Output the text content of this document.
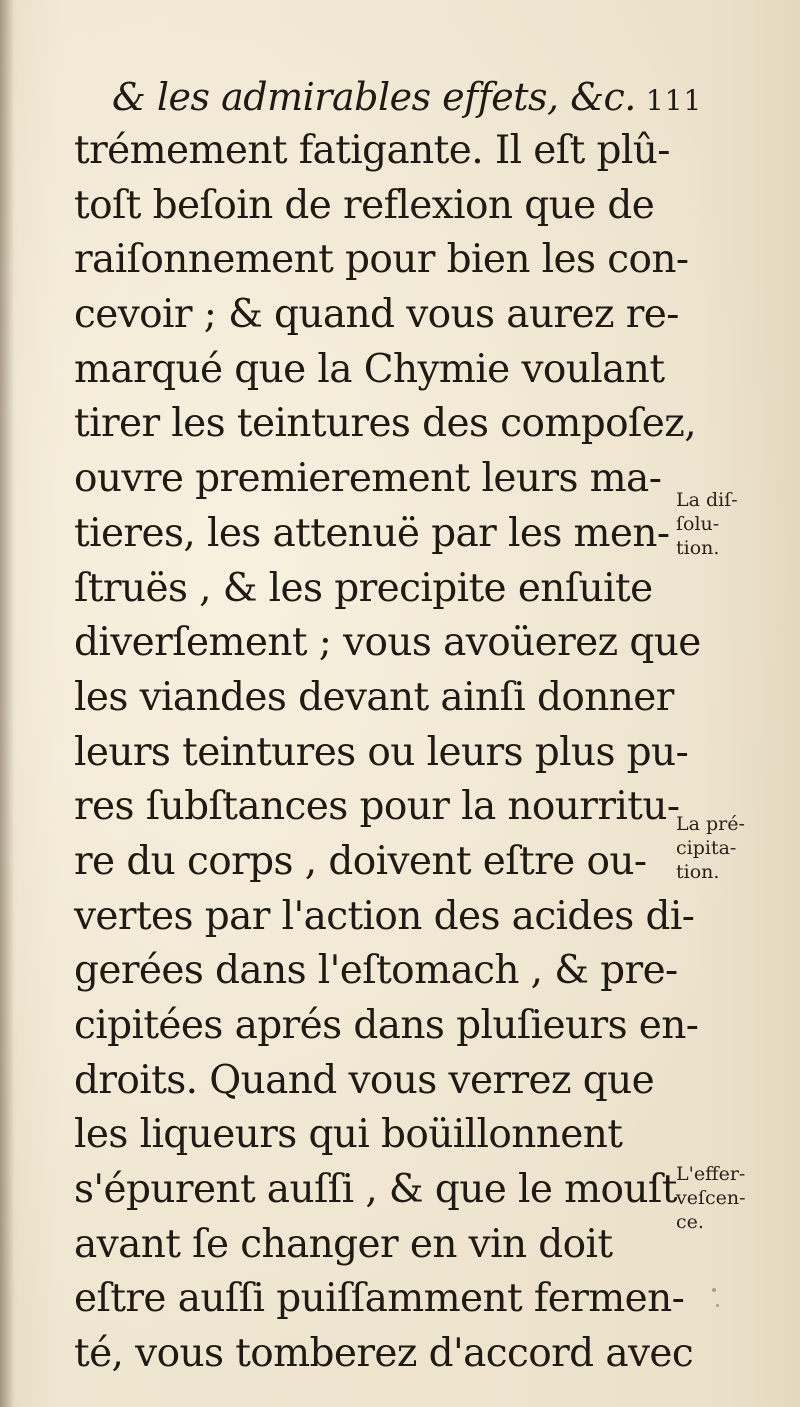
& les admirables effets, &c. 111
trémement fatigante. Il eſt plû-
toſt beſoin de reflexion que de
raiſonnement pour bien les con-
cevoir ; & quand vous aurez re-
marqué que la Chymie voulant
tirer les teintures des compoſez,
ouvre premierement leurs ma-
tieres, les attenuë par les men-
ſtruës , & les precipite enſuite
diverſement ; vous avoüerez que
les viandes devant ainſi donner
leurs teintures ou leurs plus pu-
res ſubſtances pour la nourritu-
re du corps , doivent eſtre ou-
vertes par l'action des acides di-
gerées dans l'eſtomach , & pre-
cipitées aprés dans pluſieurs en-
droits. Quand vous verrez que
les liqueurs qui boüillonnent
s'épurent auſſi , & que le mouſt
avant ſe changer en vin doit
eſtre auſſi puiſſamment fermen-
té, vous tomberez d'accord avec
La diſ-
ſolu-
tion.
La pré-
cipita-
tion.
L'effer-
veſcen-
ce.
